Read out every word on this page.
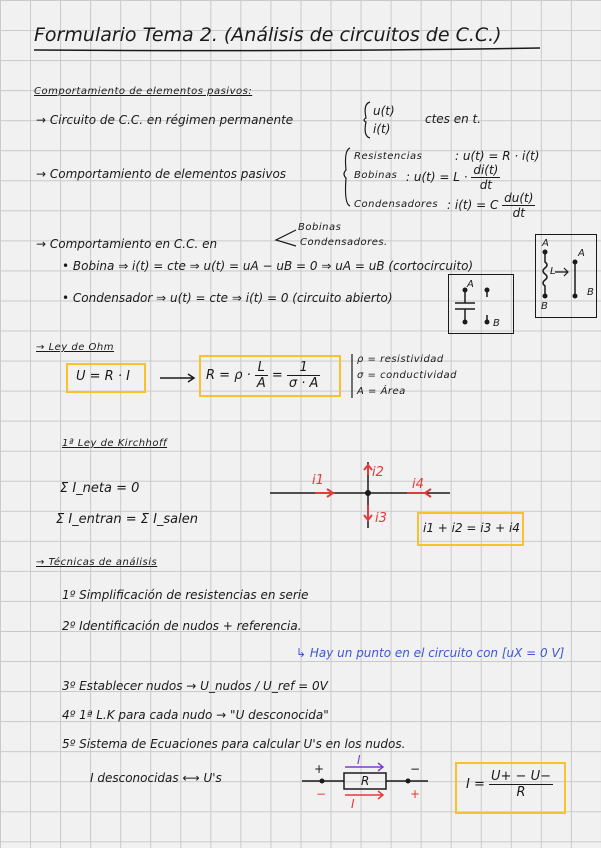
Formulario Tema 2. (Análisis de circuitos de C.C.)
Comportamiento de elementos pasivos:
→ Circuito de C.C. en régimen permanente
u(t)
i(t)
ctes en t.
→ Comportamiento de elementos pasivos
Resistencias	: u(t) = R · i(t)
Bobinas : $u(t) = L \cdot \frac{di(t)}{dt}$
Condensadores : i(t) = C $\frac{du(t)}{dt}$
→ Comportamiento en C.C. en
Bobinas
Condensadores.
• Bobina ⇒ i(t) = cte ⇒ u(t) = uA − uB = 0 ⇒ uA = uB (cortocircuito)
• Condensador ⇒ u(t) = cte ⇒ i(t) = 0 (circuito abierto)
A
B
A
B
L
A
B
→ Ley de Ohm
U = R · I	$R = \rho \cdot \frac{L}{A} = \frac{1}{\sigma \cdot A}$
ρ = resistividad
σ = conductividad
A = Área
1ª Ley de Kirchhoff
Σ I_neta = 0
Σ I_entran = Σ I_salen
i1
i2
i3
i4
i1 + i2 = i3 + i4
→ Técnicas de análisis
1º Simplificación de resistencias en serie
2º Identificación de nudos + referencia.
↳ Hay un punto en el circuito con [uX = 0 V]
3º Establecer nudos → U_nudos / U_ref = 0V
4º 1ª L.K para cada nudo → "U desconocida"
5º Sistema de Ecuaciones para calcular U's en los nudos.
I desconocidas ⟷ U's	R
+	−
−	+
I
I
$I = \frac{U+ - U-}{R}$
